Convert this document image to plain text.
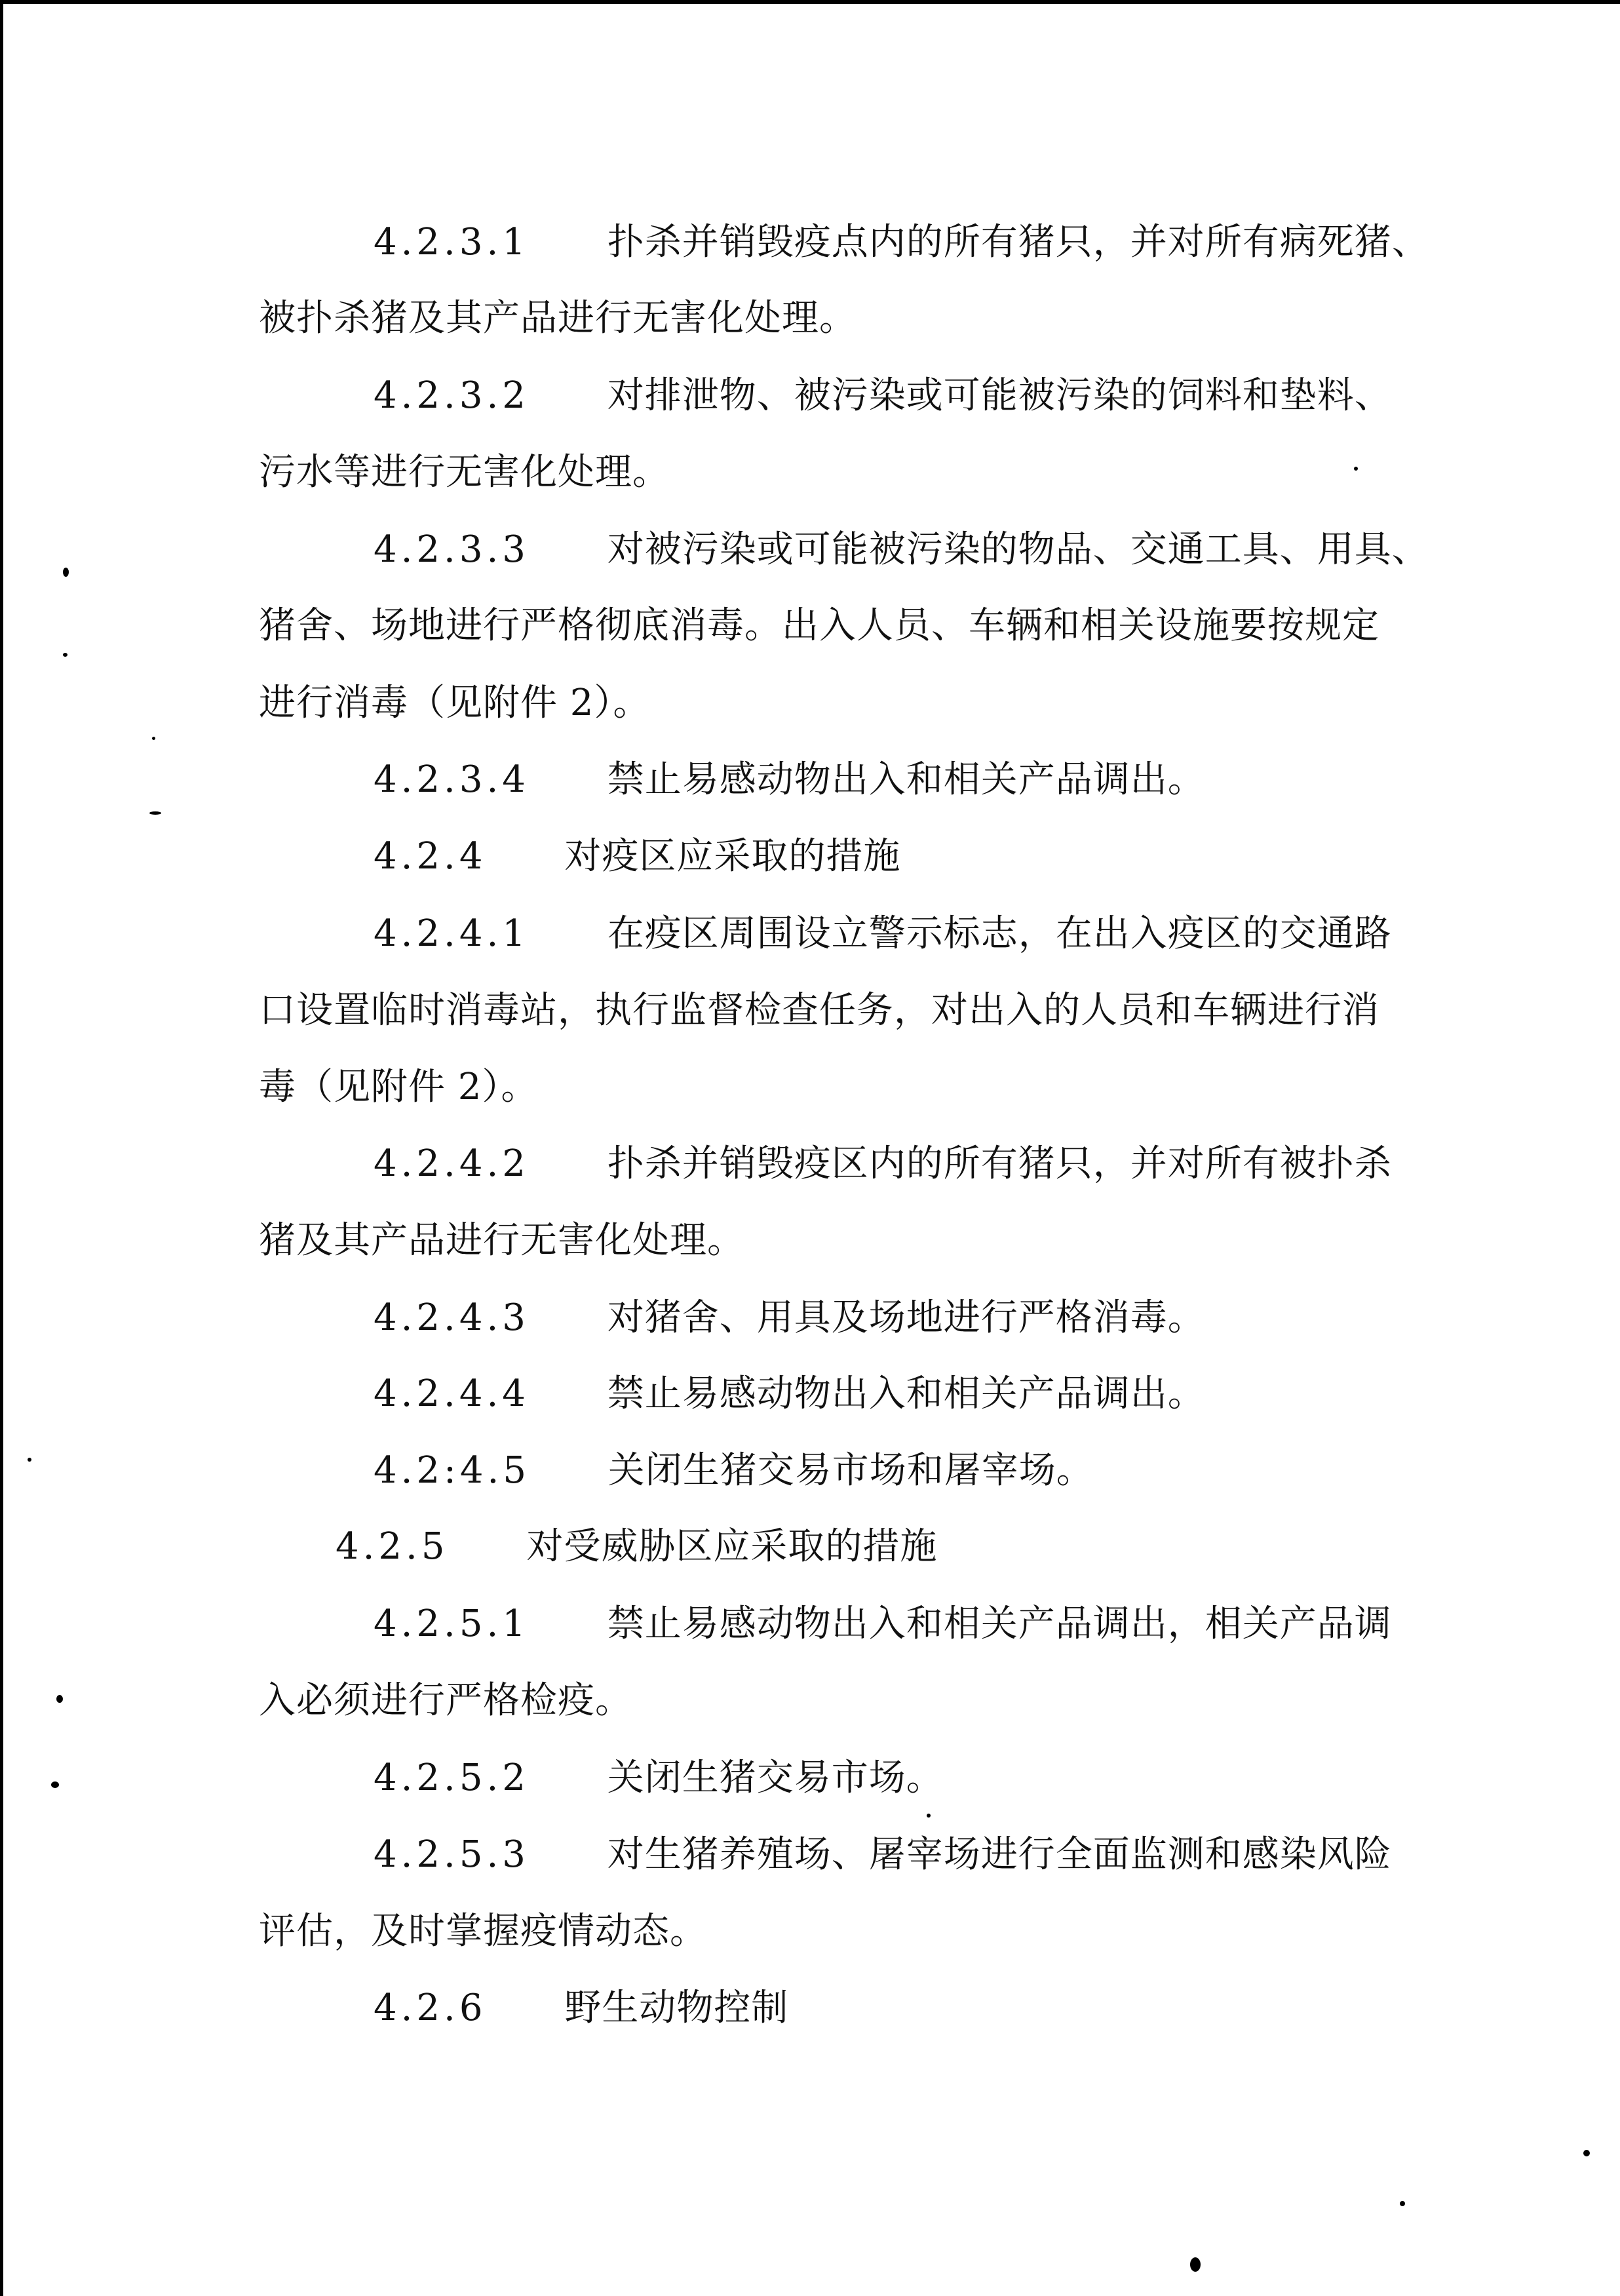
4.2.3.1 扑杀并销毁疫点内的所有猪只，并对所有病死猪、
被扑杀猪及其产品进行无害化处理。
4.2.3.2 对排泄物、被污染或可能被污染的饲料和垫料、
污水等进行无害化处理。
4.2.3.3 对被污染或可能被污染的物品、交通工具、用具、
猪舍、场地进行严格彻底消毒。出入人员、车辆和相关设施要按规定
进行消毒（见附件 2）。
4.2.3.4 禁止易感动物出入和相关产品调出。
4.2.4 对疫区应采取的措施
4.2.4.1 在疫区周围设立警示标志，在出入疫区的交通路
口设置临时消毒站，执行监督检查任务，对出入的人员和车辆进行消
毒（见附件 2）。
4.2.4.2 扑杀并销毁疫区内的所有猪只，并对所有被扑杀
猪及其产品进行无害化处理。
4.2.4.3 对猪舍、用具及场地进行严格消毒。
4.2.4.4 禁止易感动物出入和相关产品调出。
4.2:4.5 关闭生猪交易市场和屠宰场。
4.2.5 对受威胁区应采取的措施
4.2.5.1 禁止易感动物出入和相关产品调出，相关产品调
入必须进行严格检疫。
4.2.5.2 关闭生猪交易市场。
4.2.5.3 对生猪养殖场、屠宰场进行全面监测和感染风险
评估，及时掌握疫情动态。
4.2.6 野生动物控制
